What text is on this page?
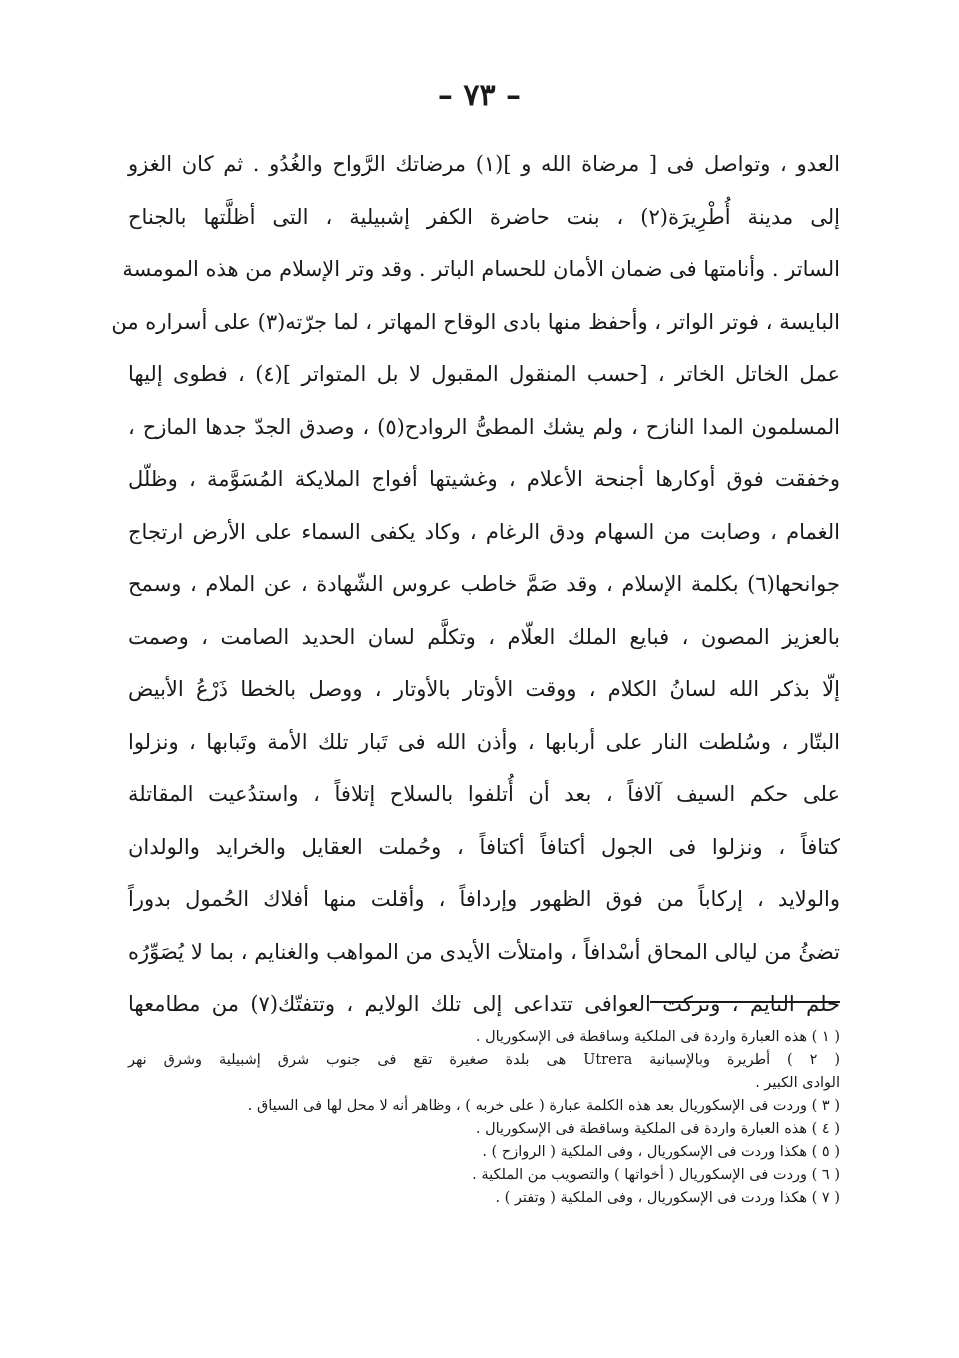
– ٧٣ –
العدو ، وتواصل فى [ مرضاة الله و ](١) مرضاتك الرَّواح والغُدُو . ثم كان الغزو
إلى مدينة أُطْرِيرَة(٢) ، بنت حاضرة الكفر إشبيلية ، التى أظلَّتها بالجناح
الساتر . وأنامتها فى ضمان الأمان للحسام الباتر . وقد وتر الإسلام من هذه المومسة
البايسة ، فوتر الواتر ، وأحفظ منها بادى الوقاح المهاتر ، لما جرّته(٣) على أسراره من
عمل الخاتل الخاتر ، [حسب المنقول المقبول لا بل المتواتر ](٤) ، فطوى إليها
المسلمون المدا النازح ، ولم يشك المطىُّ الروادح(٥) ، وصدق الجدّ جدها المازح ،
وخفقت فوق أوكارها أجنحة الأعلام ، وغشيتها أفواج الملايكة المُسَوَّمة ، وظلّل
الغمام ، وصابت من السهام ودق الرغام ، وكاد يكفى السماء على الأرض ارتجاج
جوانحها(٦) بكلمة الإسلام ، وقد صَمَّ خاطب عروس الشّهادة ، عن الملام ، وسمح
بالعزيز المصون ، فبايع الملك العلّام ، وتكلَّم لسان الحديد الصامت ، وصمت
إلّا بذكر الله لسانُ الكلام ، ووقت الأوتار بالأوتار ، ووصل بالخطا ذَرْعُ الأبيض
البتّار ، وسُلطت النار على أربابها ، وأذن الله فى تَبار تلك الأمة وتَبابها ، ونزلوا
على حكم السيف آلافاً ، بعد أن أُتلفوا بالسلاح إتلافاً ، واستدُعيت المقاتلة
كتافاً ، ونزلوا فى الجول أكتافاً أكتافاً ، وحُملت العقايل والخرايد والولدان
والولايد ، إركاباً من فوق الظهور وإردافاً ، وأقلت منها أفلاك الحُمول بدوراً
تضئُ من ليالى المحاق أسْدافاً ، وامتلأت الأيدى من المواهب والغنايم ، بما لا يُصَوِّرُه
حلم النايم ، وتركت العوافى تتداعى إلى تلك الولايم ، وتتفتّك(٧) من مطامعها
( ١ ) هذه العبارة واردة فى الملكية وساقطة فى الإسكوريال .
( ٢ ) أطريرة وبالإسبانية Utrera هى بلدة صغيرة تقع فى جنوب شرق إشبيلية وشرق نهر
الوادى الكبير .
( ٣ ) وردت فى الإسكوريال بعد هذه الكلمة عبارة ( على خربه ) ، وظاهر أنه لا محل لها فى السياق .
( ٤ ) هذه العبارة واردة فى الملكية وساقطة فى الإسكوريال .
( ٥ ) هكذا وردت فى الإسكوريال ، وفى الملكية ( الروازح ) .
( ٦ ) وردت فى الإسكوريال ( أخواتها ) والتصويب من الملكية .
( ٧ ) هكذا وردت فى الإسكوريال ، وفى الملكية ( وتفتر ) .
